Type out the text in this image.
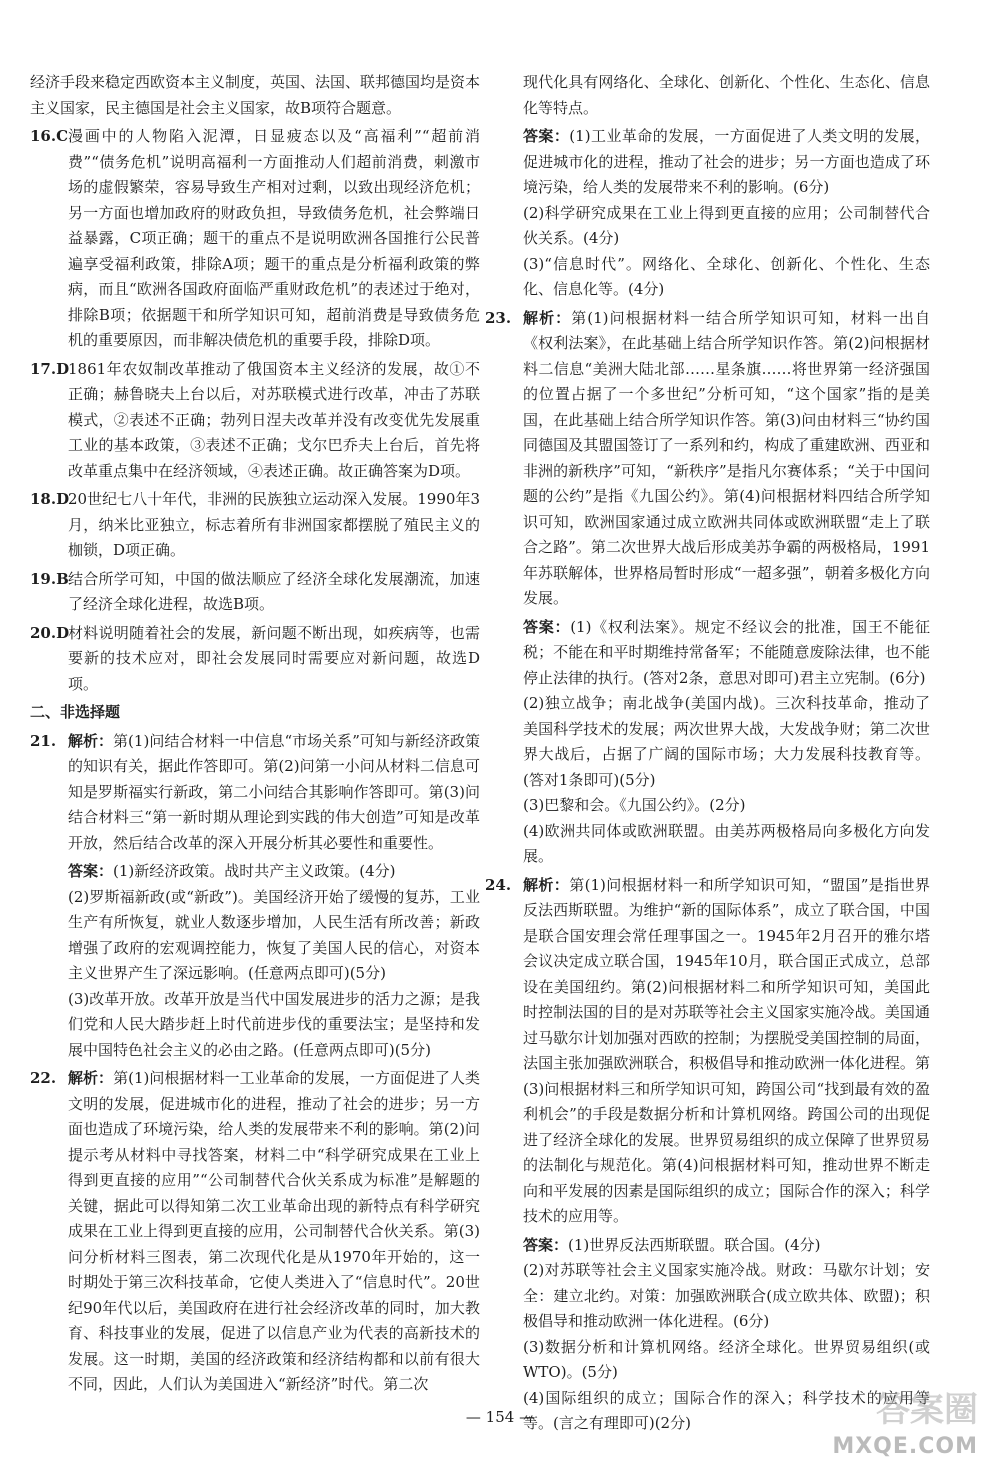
经济手段来稳定西欧资本主义制度，英国、法国、联邦德国均是资本主义国家，民主德国是社会主义国家，故B项符合题意。

16.C 漫画中的人物陷入泥潭，日显疲态以及“高福利”“超前消费”“债务危机”说明高福利一方面推动人们超前消费，刺激市场的虚假繁荣，容易导致生产相对过剩，以致出现经济危机；另一方面也增加政府的财政负担，导致债务危机，社会弊端日益暴露，C项正确；题干的重点不是说明欧洲各国推行公民普遍享受福利政策，排除A项；题干的重点是分析福利政策的弊病，而且“欧洲各国政府面临严重财政危机”的表述过于绝对，排除B项；依据题干和所学知识可知，超前消费是导致债务危机的重要原因，而非解决债危机的重要手段，排除D项。
17.D
1861年农奴制改革推动了俄国资本主义经济的发展，故①不正确；赫鲁晓夫上台以后，对苏联模式进行改革，冲击了苏联模式，②表述不正确；勃列日涅夫改革并没有改变优先发展重工业的基本政策，③表述不正确；戈尔巴乔夫上台后，首先将改革重点集中在经济领域，④表述正确。故正确答案为D项。
18.D
20世纪七八十年代，非洲的民族独立运动深入发展。1990年3月，纳米比亚独立，标志着所有非洲国家都摆脱了殖民主义的枷锁，D项正确。
19.B 结合所学可知，中国的做法顺应了经济全球化发展潮流，加速了经济全球化进程，故选B项。
20.D
材料说明随着社会的发展，新问题不断出现，如疾病等，也需要新的技术应对，即社会发展同时需要应对新问题，故选D项。
二、非选择题
21. 解析：第(1)问结合材料一中信息“市场关系”可知与新经济政策的知识有关，据此作答即可。第(2)问第一小问从材料二信息可知是罗斯福实行新政，第二小问结合其影响作答即可。第(3)问结合材料三“第一新时期从理论到实践的伟大创造”可知是改革开放，然后结合改革的深入开展分析其必要性和重要性。
答案：(1)新经济政策。战时共产主义政策。(4分)
(2)罗斯福新政(或“新政”)。美国经济开始了缓慢的复苏，工业生产有所恢复，就业人数逐步增加，人民生活有所改善；新政增强了政府的宏观调控能力，恢复了美国人民的信心，对资本主义世界产生了深远影响。(任意两点即可)(5分)
(3)改革开放。改革开放是当代中国发展进步的活力之源；是我们党和人民大踏步赶上时代前进步伐的重要法宝；是坚持和发展中国特色社会主义的必由之路。(任意两点即可)(5分)
22. 解析：第(1)问根据材料一工业革命的发展，一方面促进了人类文明的发展，促进城市化的进程，推动了社会的进步；另一方面也造成了环境污染，给人类的发展带来不利的影响。第(2)问提示考从材料中寻找答案，材料二中“科学研究成果在工业上得到更直接的应用”“公司制替代合伙关系成为标准”是解题的关键，据此可以得知第二次工业革命出现的新特点有科学研究成果在工业上得到更直接的应用，公司制替代合伙关系。第(3)问分析材料三图表，第二次现代化是从1970年开始的，这一时期处于第三次科技革命，它使人类进入了“信息时代”。20世纪90年代以后，美国政府在进行社会经济改革的同时，加大教育、科技事业的发展，促进了以信息产业为代表的高新技术的发展。这一时期，美国的经济政策和经济结构都和以前有很大不同，因此，人们认为美国进入“新经济”时代。第二次
现代化具有网络化、全球化、创新化、个性化、生态化、信息化等特点。
答案：(1)工业革命的发展，一方面促进了人类文明的发展，促进城市化的进程，推动了社会的进步；另一方面也造成了环境污染，给人类的发展带来不利的影响。(6分)
(2)科学研究成果在工业上得到更直接的应用；公司制替代合伙关系。(4分)
(3)“信息时代”。网络化、全球化、创新化、个性化、生态化、信息化等。(4分)
23. 解析：第(1)问根据材料一结合所学知识可知，材料一出自《权利法案》，在此基础上结合所学知识作答。第(2)问根据材料二信息“美洲大陆北部……星条旗……将世界第一经济强国的位置占据了一个多世纪”分析可知，“这个国家”指的是美国，在此基础上结合所学知识作答。第(3)问由材料三“协约国同德国及其盟国签订了一系列和约，构成了重建欧洲、西亚和非洲的新秩序”可知，“新秩序”是指凡尔赛体系；“关于中国问题的公约”是指《九国公约》。第(4)问根据材料四结合所学知识可知，欧洲国家通过成立欧洲共同体或欧洲联盟“走上了联合之路”。第二次世界大战后形成美苏争霸的两极格局，1991年苏联解体，世界格局暂时形成“一超多强”，朝着多极化方向发展。
答案：(1)《权利法案》。规定不经议会的批准，国王不能征税；不能在和平时期维持常备军；不能随意废除法律，也不能停止法律的执行。(答对2条，意思对即可)君主立宪制。(6分)
(2)独立战争；南北战争(美国内战)。三次科技革命，推动了美国科学技术的发展；两次世界大战，大发战争财；第二次世界大战后，占据了广阔的国际市场；大力发展科技教育等。(答对1条即可)(5分)
(3)巴黎和会。《九国公约》。(2分)
(4)欧洲共同体或欧洲联盟。由美苏两极格局向多极化方向发展。
24. 解析：第(1)问根据材料一和所学知识可知，“盟国”是指世界反法西斯联盟。为维护“新的国际体系”，成立了联合国，中国是联合国安理会常任理事国之一。1945年2月召开的雅尔塔会议决定成立联合国，1945年10月，联合国正式成立，总部设在美国纽约。第(2)问根据材料二和所学知识可知，美国此时控制法国的目的是对苏联等社会主义国家实施冷战。美国通过马歇尔计划加强对西欧的控制；为摆脱受美国控制的局面，法国主张加强欧洲联合，积极倡导和推动欧洲一体化进程。第(3)问根据材料三和所学知识可知，跨国公司“找到最有效的盈利机会”的手段是数据分析和计算机网络。跨国公司的出现促进了经济全球化的发展。世界贸易组织的成立保障了世界贸易的法制化与规范化。第(4)问根据材料可知，推动世界不断走向和平发展的因素是国际组织的成立；国际合作的深入；科学技术的应用等。
答案：(1)世界反法西斯联盟。联合国。(4分)
(2)对苏联等社会主义国家实施冷战。财政：马歇尔计划；安全：建立北约。对策：加强欧洲联合(成立欧共体、欧盟)；积极倡导和推动欧洲一体化进程。(6分)
(3)数据分析和计算机网络。经济全球化。世界贸易组织(或WTO)。(5分)
(4)国际组织的成立；国际合作的深入；科学技术的应用等等。(言之有理即可)(2分)
— 154 —	答案圈
MXQE.COM
